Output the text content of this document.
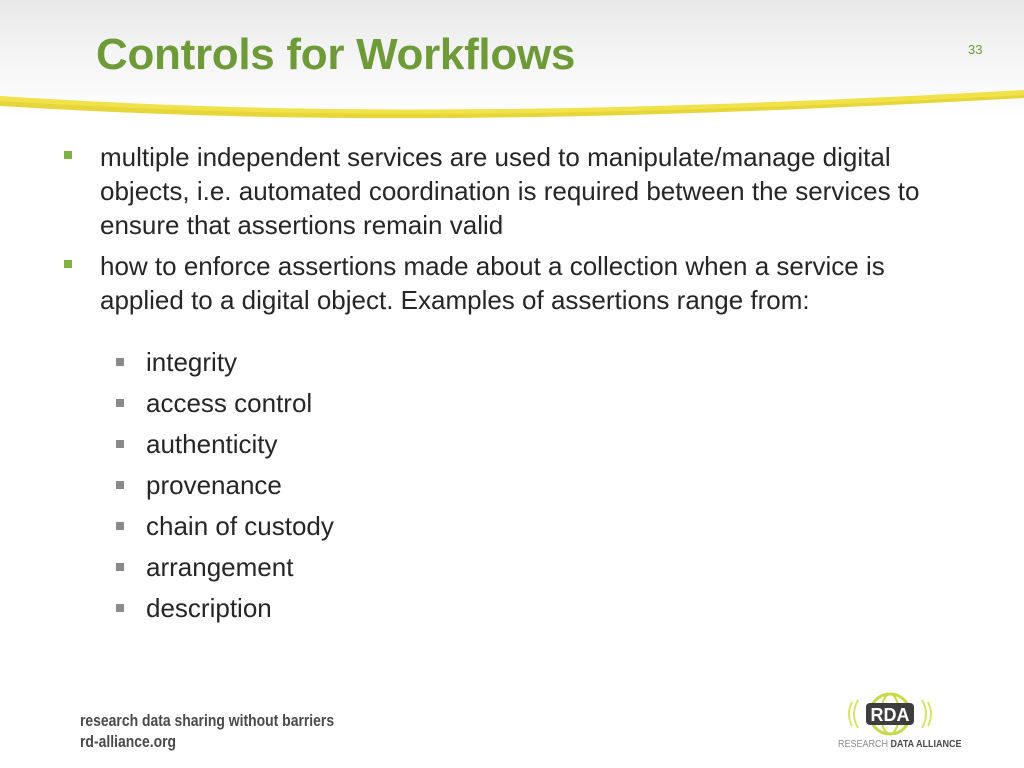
Controls for Workflows	33
multiple independent services are used to manipulate/manage digital objects, i.e. automated coordination is required between the services to ensure that assertions remain valid
how to enforce assertions made about a collection when a service is applied to a digital object. Examples of assertions range from:
integrity
access control
authenticity
provenance
chain of custody
arrangement
description
research data sharing without barriers
rd-alliance.org
RDA
RESEARCH DATA ALLIANCE
